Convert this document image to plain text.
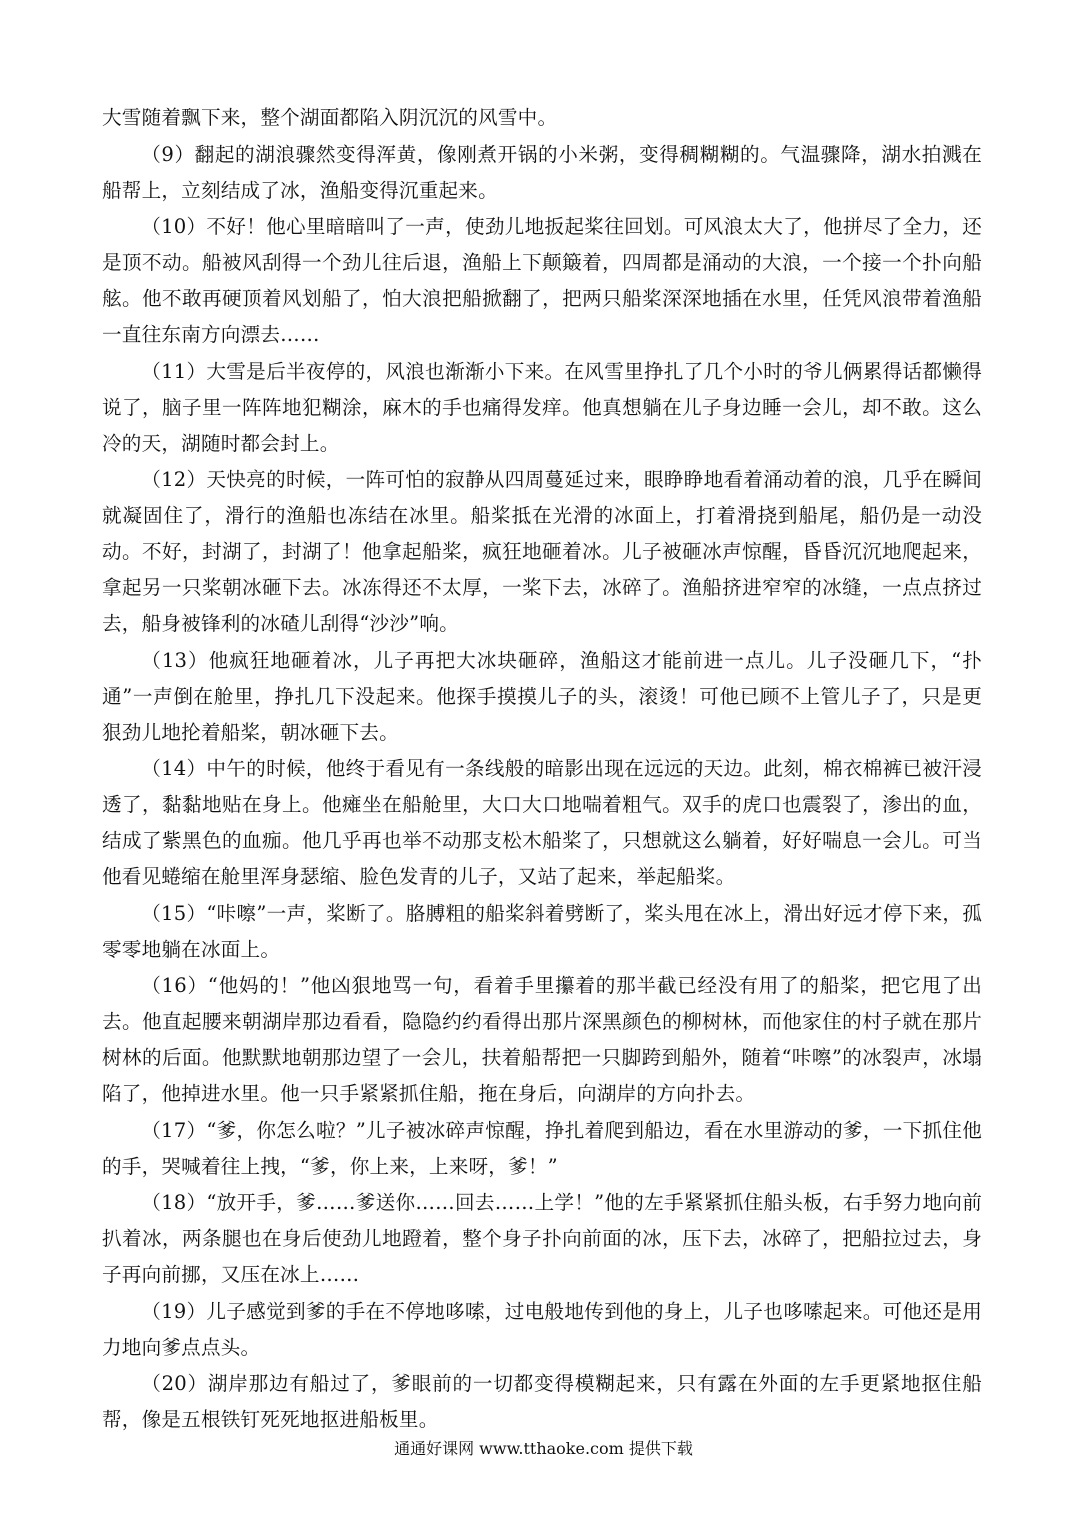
大雪随着飘下来，整个湖面都陷入阴沉沉的风雪中。

（9）翻起的湖浪骤然变得浑黄，像刚煮开锅的小米粥，变得稠糊糊的。气温骤降，湖水拍溅在船帮上，立刻结成了冰，渔船变得沉重起来。

（10）不好！他心里暗暗叫了一声，使劲儿地扳起桨往回划。可风浪太大了，他拼尽了全力，还是顶不动。船被风刮得一个劲儿往后退，渔船上下颠簸着，四周都是涌动的大浪，一个接一个扑向船舷。他不敢再硬顶着风划船了，怕大浪把船掀翻了，把两只船桨深深地插在水里，任凭风浪带着渔船一直往东南方向漂去……

（11）大雪是后半夜停的，风浪也渐渐小下来。在风雪里挣扎了几个小时的爷儿俩累得话都懒得说了，脑子里一阵阵地犯糊涂，麻木的手也痛得发痒。他真想躺在儿子身边睡一会儿，却不敢。这么冷的天，湖随时都会封上。

（12）天快亮的时候，一阵可怕的寂静从四周蔓延过来，眼睁睁地看着涌动着的浪，几乎在瞬间就凝固住了，滑行的渔船也冻结在冰里。船桨抵在光滑的冰面上，打着滑挠到船尾，船仍是一动没动。不好，封湖了，封湖了！他拿起船桨，疯狂地砸着冰。儿子被砸冰声惊醒，昏昏沉沉地爬起来，拿起另一只桨朝冰砸下去。冰冻得还不太厚，一桨下去，冰碎了。渔船挤进窄窄的冰缝，一点点挤过去，船身被锋利的冰碴儿刮得“沙沙”响。

（13）他疯狂地砸着冰，儿子再把大冰块砸碎，渔船这才能前进一点儿。儿子没砸几下，“扑通”一声倒在舱里，挣扎几下没起来。他探手摸摸儿子的头，滚烫！可他已顾不上管儿子了，只是更狠劲儿地抡着船桨，朝冰砸下去。

（14）中午的时候，他终于看见有一条线般的暗影出现在远远的天边。此刻，棉衣棉裤已被汗浸透了，黏黏地贴在身上。他瘫坐在船舱里，大口大口地喘着粗气。双手的虎口也震裂了，渗出的血，结成了紫黑色的血痂。他几乎再也举不动那支松木船桨了，只想就这么躺着，好好喘息一会儿。可当他看见蜷缩在舱里浑身瑟缩、脸色发青的儿子，又站了起来，举起船桨。

（15）“咔嚓”一声，桨断了。胳膊粗的船桨斜着劈断了，桨头甩在冰上，滑出好远才停下来，孤零零地躺在冰面上。

（16）“他妈的！”他凶狠地骂一句，看着手里攥着的那半截已经没有用了的船桨，把它甩了出去。他直起腰来朝湖岸那边看看，隐隐约约看得出那片深黑颜色的柳树林，而他家住的村子就在那片树林的后面。他默默地朝那边望了一会儿，扶着船帮把一只脚跨到船外，随着“咔嚓”的冰裂声，冰塌陷了，他掉进水里。他一只手紧紧抓住船，拖在身后，向湖岸的方向扑去。

（17）“爹，你怎么啦？”儿子被冰碎声惊醒，挣扎着爬到船边，看在水里游动的爹，一下抓住他的手，哭喊着往上拽，“爹，你上来，上来呀，爹！”

（18）“放开手，爹……爹送你……回去……上学！”他的左手紧紧抓住船头板，右手努力地向前扒着冰，两条腿也在身后使劲儿地蹬着，整个身子扑向前面的冰，压下去，冰碎了，把船拉过去，身子再向前挪，又压在冰上……

（19）儿子感觉到爹的手在不停地哆嗦，过电般地传到他的身上，儿子也哆嗦起来。可他还是用力地向爹点点头。

（20）湖岸那边有船过了，爹眼前的一切都变得模糊起来，只有露在外面的左手更紧地抠住船帮，像是五根铁钉死死地抠进船板里。

通通好课网 www.tthaoke.com 提供下载
